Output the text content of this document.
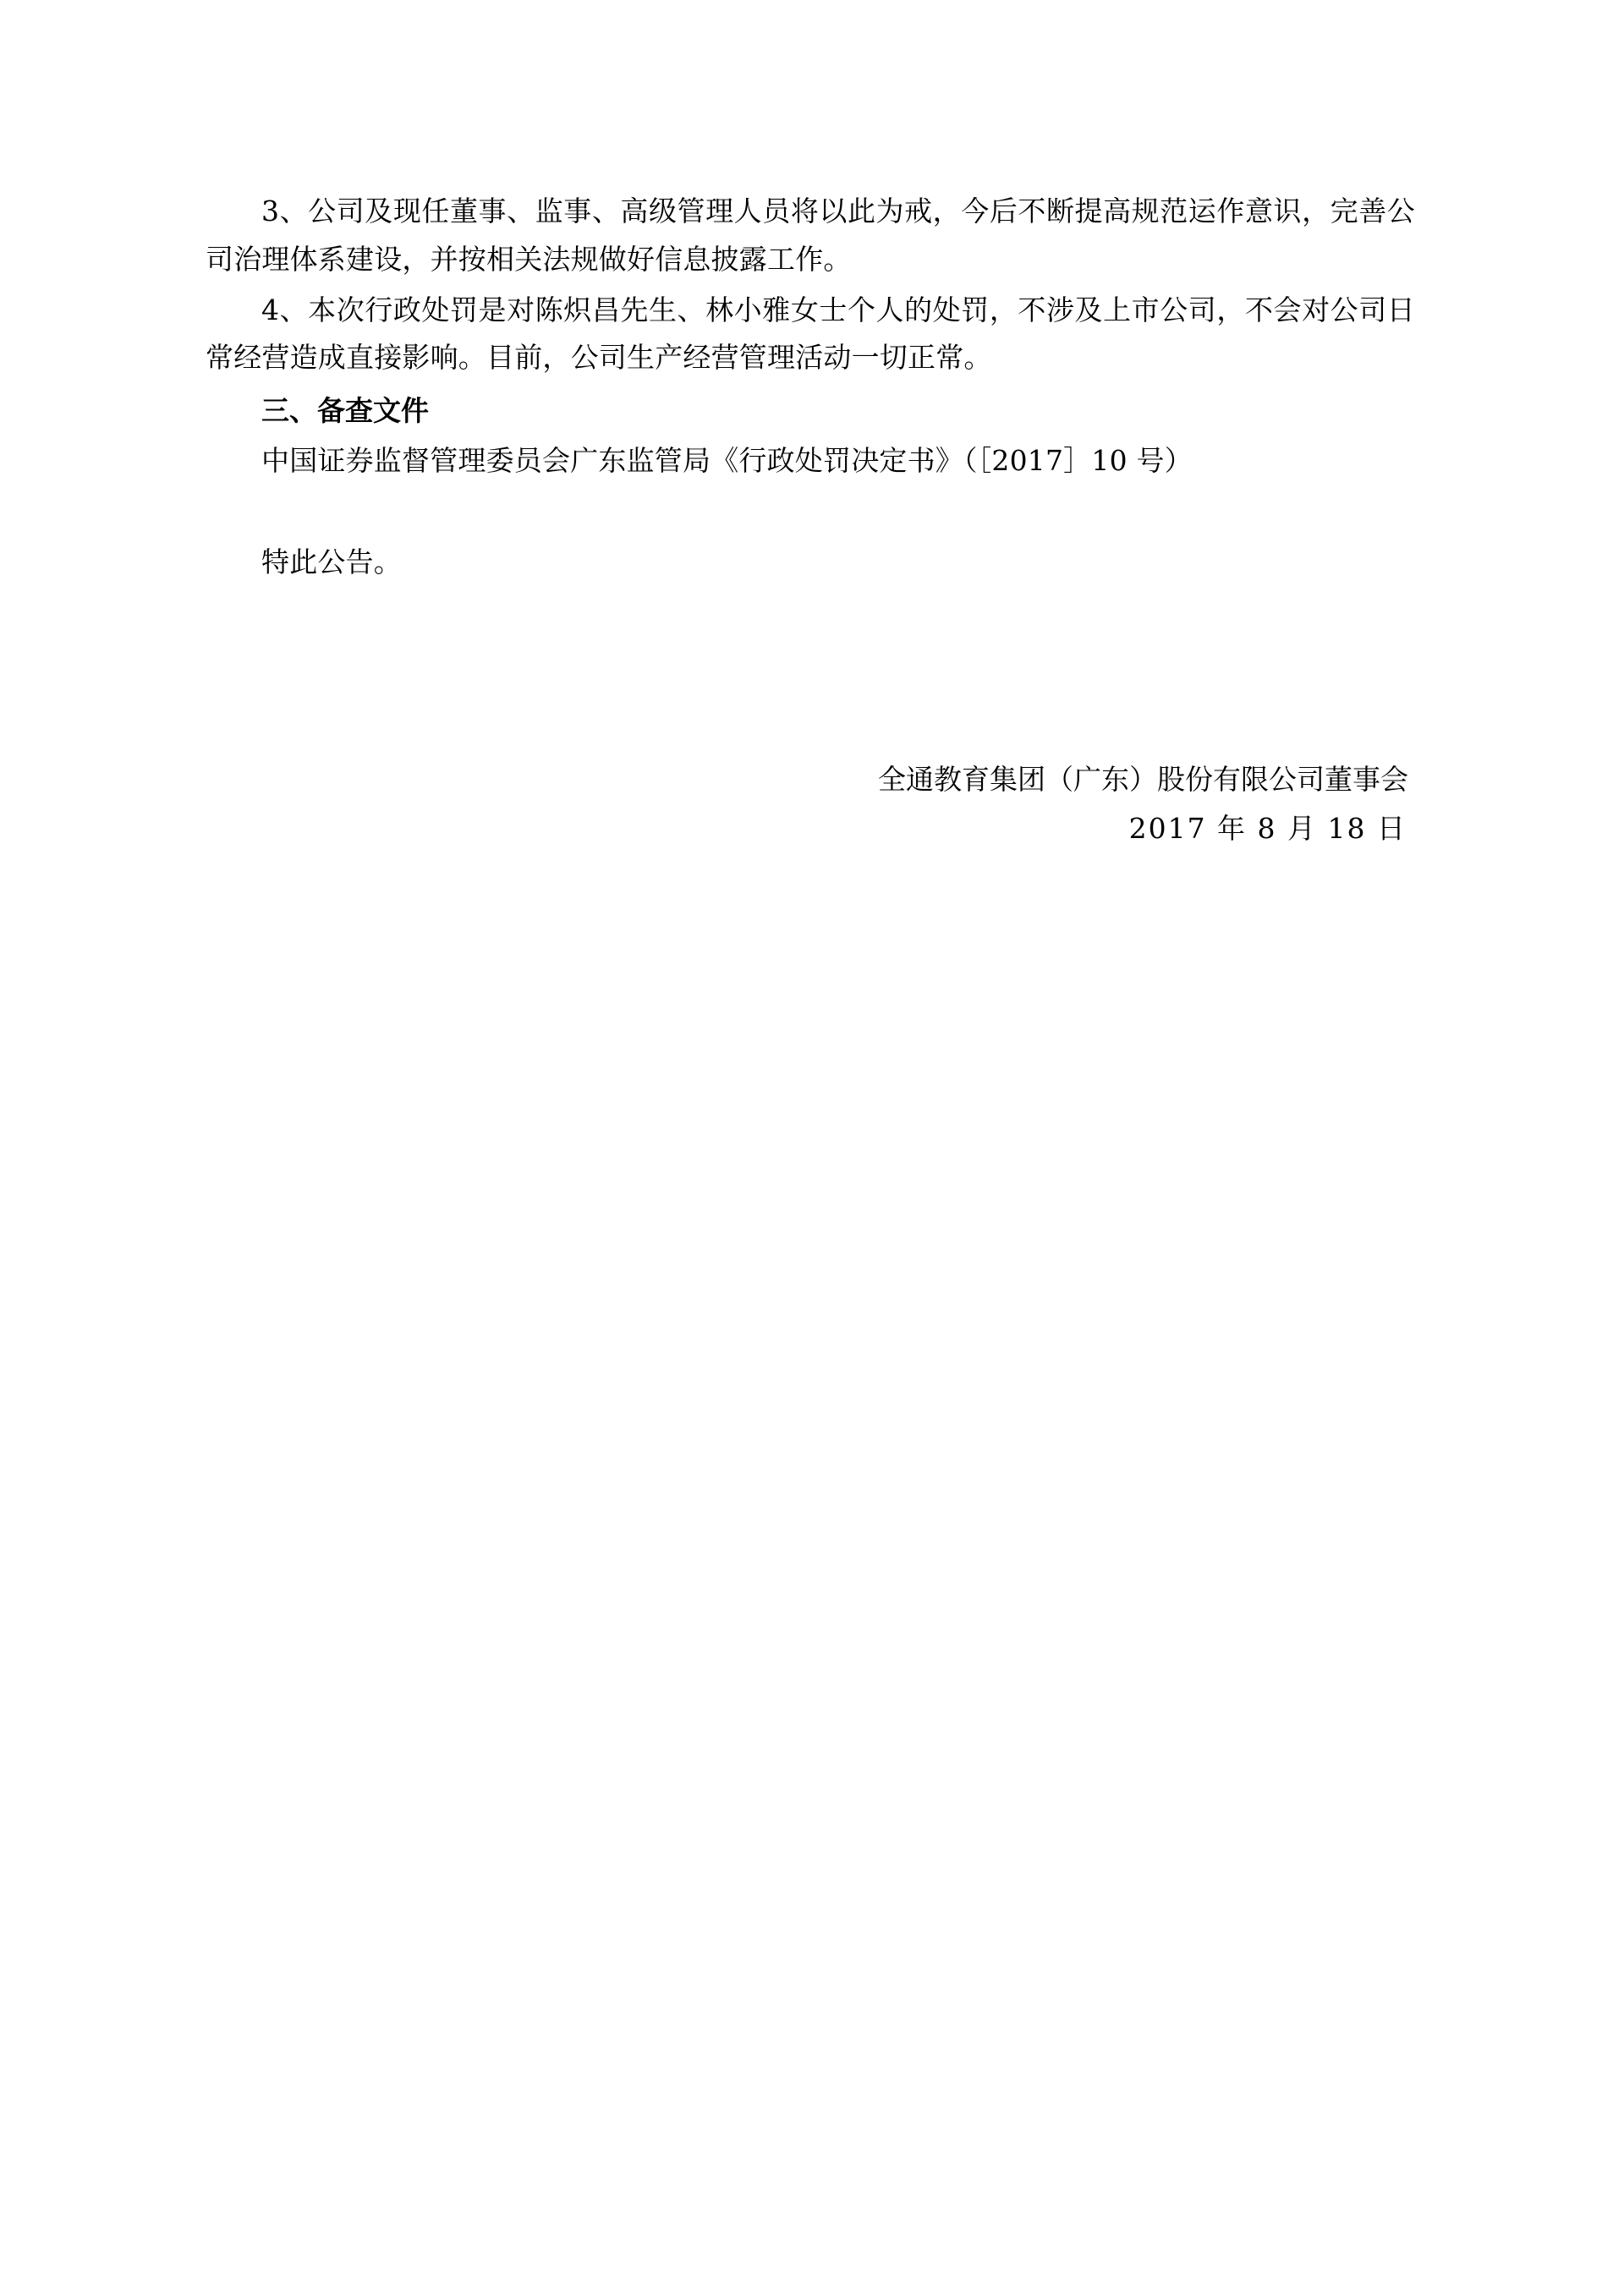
3、公司及现任董事、监事、高级管理人员将以此为戒，今后不断提高规范运作意识，完善公司治理体系建设，并按相关法规做好信息披露工作。

4、本次行政处罚是对陈炽昌先生、林小雅女士个人的处罚，不涉及上市公司，不会对公司日常经营造成直接影响。目前，公司生产经营管理活动一切正常。

三、备查文件

中国证券监督管理委员会广东监管局《行政处罚决定书》（［2017］10 号）

特此公告。

全通教育集团（广东）股份有限公司董事会
2017 年 8 月 18 日
